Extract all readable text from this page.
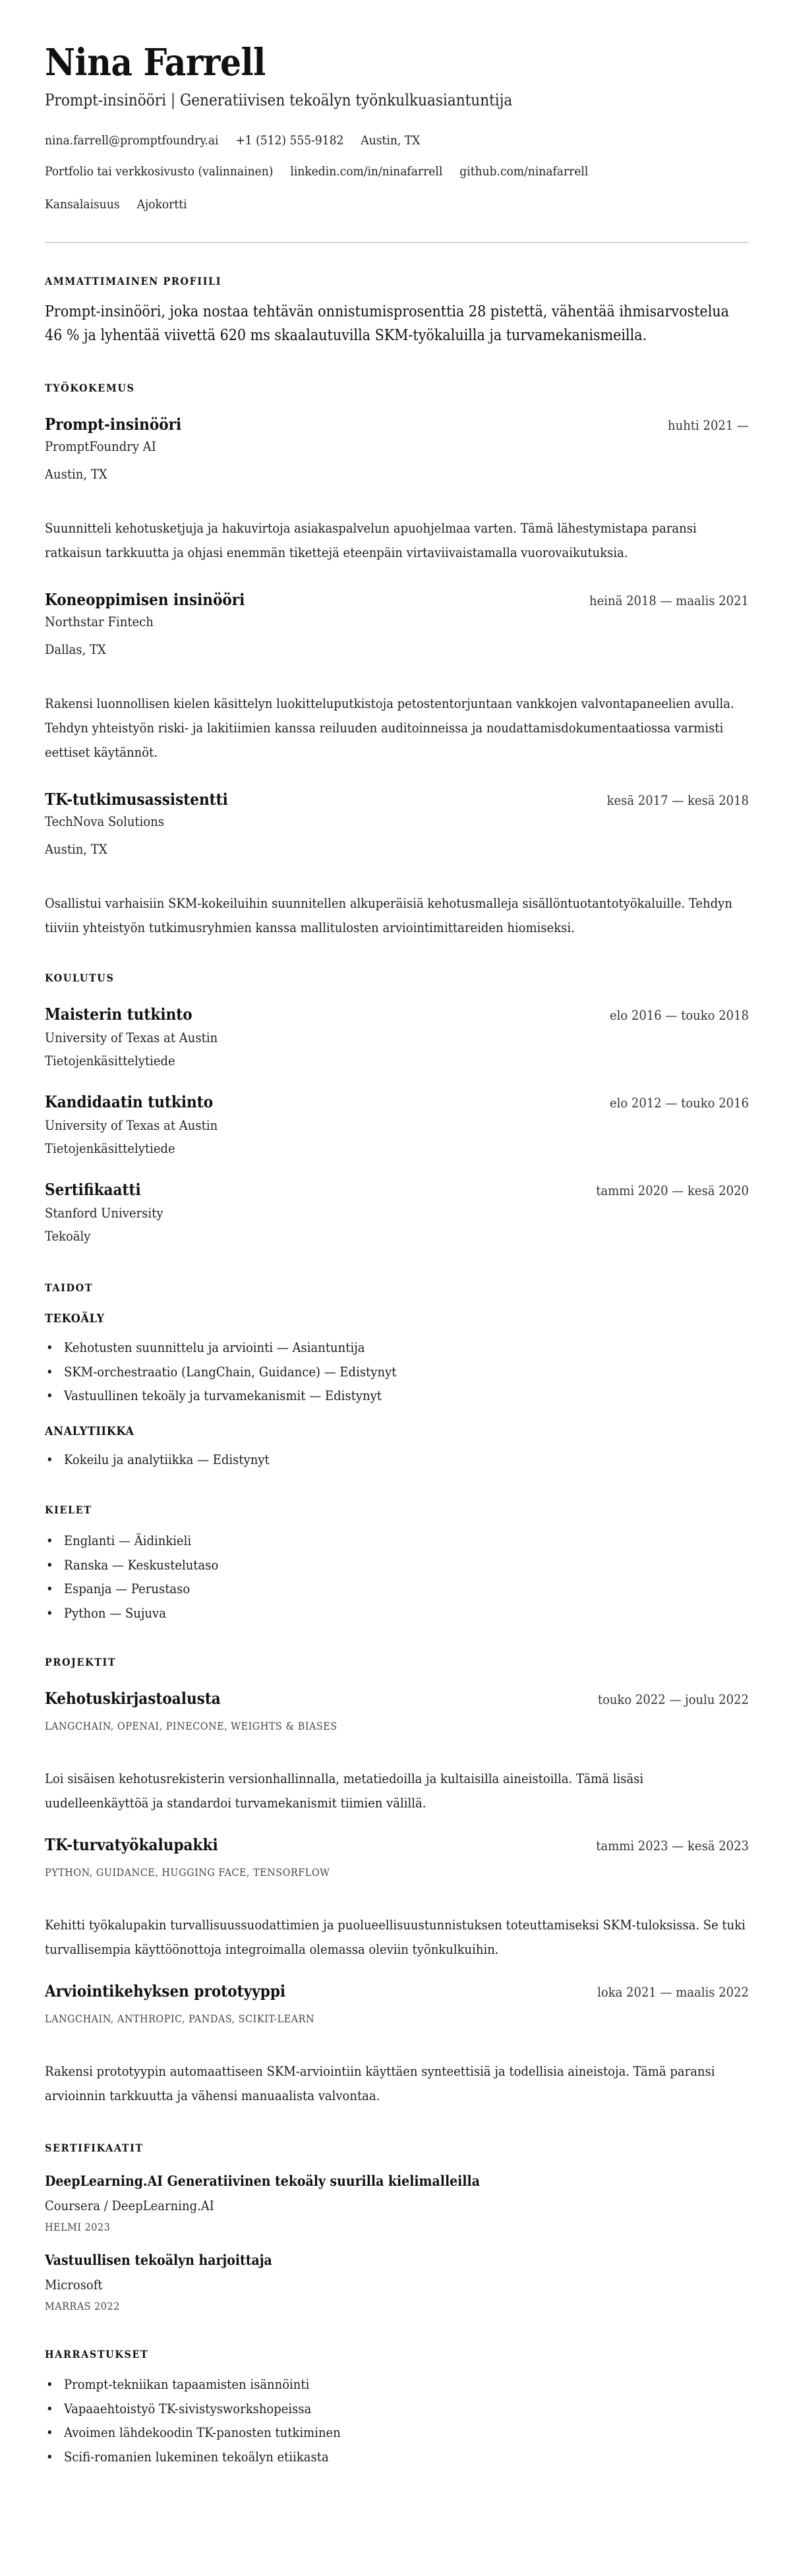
Nina Farrell
Prompt-insinööri | Generatiivisen tekoälyn työnkulkuasiantuntija
nina.farrell@promptfoundry.ai +1 (512) 555-9182 Austin, TX
Portfolio tai verkkosivusto (valinnainen) linkedin.com/in/ninafarrell github.com/ninafarrell
Kansalaisuus Ajokortti
AMMATTIMAINEN PROFIILI
Prompt-insinööri, joka nostaa tehtävän onnistumisprosenttia 28 pistettä, vähentää ihmisarvostelua 46 % ja lyhentää viivettä 620 ms skaalautuvilla SKM-työkaluilla ja turvamekanismeilla.
TYÖKOKEMUS
Prompt-insinööri	huhti 2021 —
PromptFoundry AI
Austin, TX
Suunnitteli kehotusketjuja ja hakuvirtoja asiakaspalvelun apuohjelmaa varten. Tämä lähestymistapa paransi ratkaisun tarkkuutta ja ohjasi enemmän tikettejä eteenpäin virtaviivaistamalla vuorovaikutuksia.
Koneoppimisen insinööri	heinä 2018 — maalis 2021
Northstar Fintech
Dallas, TX
Rakensi luonnollisen kielen käsittelyn luokitteluputkistoja petostentorjuntaan vankkojen valvontapaneelien avulla. Tehdyn yhteistyön riski- ja lakitiimien kanssa reiluuden auditoinneissa ja noudattamisdokumentaatiossa varmisti eettiset käytännöt.
TK-tutkimusassistentti	kesä 2017 — kesä 2018
TechNova Solutions
Austin, TX
Osallistui varhaisiin SKM-kokeiluihin suunnitellen alkuperäisiä kehotusmalleja sisällöntuotantotyökaluille. Tehdyn tiiviin yhteistyön tutkimusryhmien kanssa mallitulosten arviointimittareiden hiomiseksi.
KOULUTUS
Maisterin tutkinto	elo 2016 — touko 2018
University of Texas at Austin
Tietojenkäsittelytiede
Kandidaatin tutkinto	elo 2012 — touko 2016
University of Texas at Austin
Tietojenkäsittelytiede
Sertifikaatti	tammi 2020 — kesä 2020
Stanford University
Tekoäly
TAIDOT
TEKOÄLY
• Kehotusten suunnittelu ja arviointi — Asiantuntija
• SKM-orchestraatio (LangChain, Guidance) — Edistynyt
• Vastuullinen tekoäly ja turvamekanismit — Edistynyt
ANALYTIIKKA
• Kokeilu ja analytiikka — Edistynyt
KIELET
• Englanti — Äidinkieli
• Ranska — Keskustelutaso
• Espanja — Perustaso
• Python — Sujuva
PROJEKTIT
Kehotuskirjastoalusta	touko 2022 — joulu 2022
LANGCHAIN, OPENAI, PINECONE, WEIGHTS & BIASES
Loi sisäisen kehotusrekisterin versionhallinnalla, metatiedoilla ja kultaisilla aineistoilla. Tämä lisäsi uudelleenkäyttöä ja standardoi turvamekanismit tiimien välillä.
TK-turvatyökalupakki	tammi 2023 — kesä 2023
PYTHON, GUIDANCE, HUGGING FACE, TENSORFLOW
Kehitti työkalupakin turvallisuussuodattimien ja puolueellisuustunnistuksen toteuttamiseksi SKM-tuloksissa. Se tuki turvallisempia käyttöönottoja integroimalla olemassa oleviin työnkulkuihin.
Arviointikehyksen prototyyppi	loka 2021 — maalis 2022
LANGCHAIN, ANTHROPIC, PANDAS, SCIKIT-LEARN
Rakensi prototyypin automaattiseen SKM-arviointiin käyttäen synteettisiä ja todellisia aineistoja. Tämä paransi arvioinnin tarkkuutta ja vähensi manuaalista valvontaa.
SERTIFIKAATIT
DeepLearning.AI Generatiivinen tekoäly suurilla kielimalleilla
Coursera / DeepLearning.AI
HELMI 2023
Vastuullisen tekoälyn harjoittaja
Microsoft
MARRAS 2022
HARRASTUKSET
• Prompt-tekniikan tapaamisten isännöinti
• Vapaaehtoistyö TK-sivistysworkshopeissa
• Avoimen lähdekoodin TK-panosten tutkiminen
• Scifi-romanien lukeminen tekoälyn etiikasta
